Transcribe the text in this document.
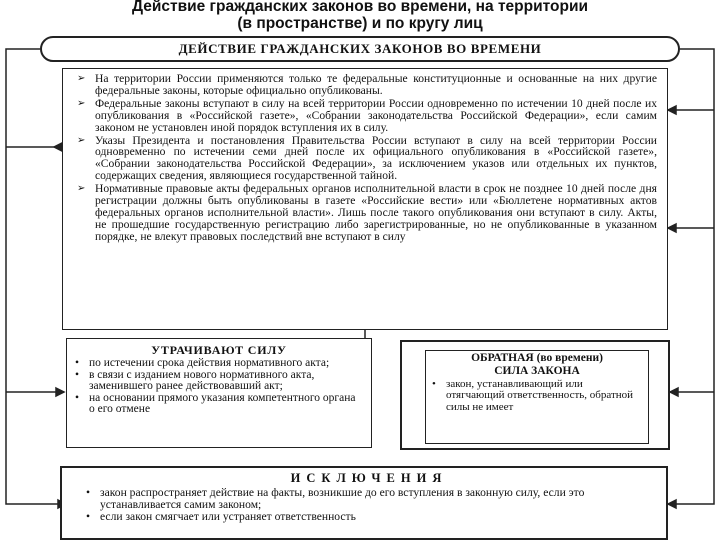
Действие гражданских законов во времени, на территории
(в пространстве) и по кругу лиц
ДЕЙСТВИЕ ГРАЖДАНСКИХ ЗАКОНОВ ВО ВРЕМЕНИ
➢ На территории России применяются только те федеральные конституционные и основанные на них другие федеральные законы, которые официально опубликованы.
➢ Федеральные законы вступают в силу на всей территории России одновременно по истечении 10 дней после их опубликования в «Российской газете», «Собрании законодательства Российской Федерации», если самим законом не установлен иной порядок вступления их в силу.
➢ Указы Президента и постановления Правительства России вступают в силу на всей территории России одновременно по истечении семи дней после их официального опубликования в «Российской газете», «Собрании законодательства Российской Федерации», за исключением указов или отдельных их пунктов, содержащих сведения, являющиеся государственной тайной.
➢ Нормативные правовые акты федеральных органов исполнительной власти в срок не позднее 10 дней после дня регистрации должны быть опубликованы в газете «Российские вести» или «Бюллетене нормативных актов федеральных органов исполнительной власти». Лишь после такого опубликования они вступают в силу. Акты, не прошедшие государственную регистрацию либо зарегистрированные, но не опубликованные в указанном порядке, не влекут правовых последствий вне вступают в силу
УТРАЧИВАЮТ СИЛУ
• по истечении срока действия нормативного акта;
• в связи с изданием нового нормативного акта, заменившего ранее действовавший акт;
• на основании прямого указания компетентного органа о его отмене
ОБРАТНАЯ (во времени)
СИЛА ЗАКОНА
• закон, устанавливающий или отягчающий ответственность, обратной силы не имеет
ИСКЛЮЧЕНИЯ
• закон распространяет действие на факты, возникшие до его вступления в законную силу, если это устанавливается самим законом;
• если закон смягчает или устраняет ответственность
